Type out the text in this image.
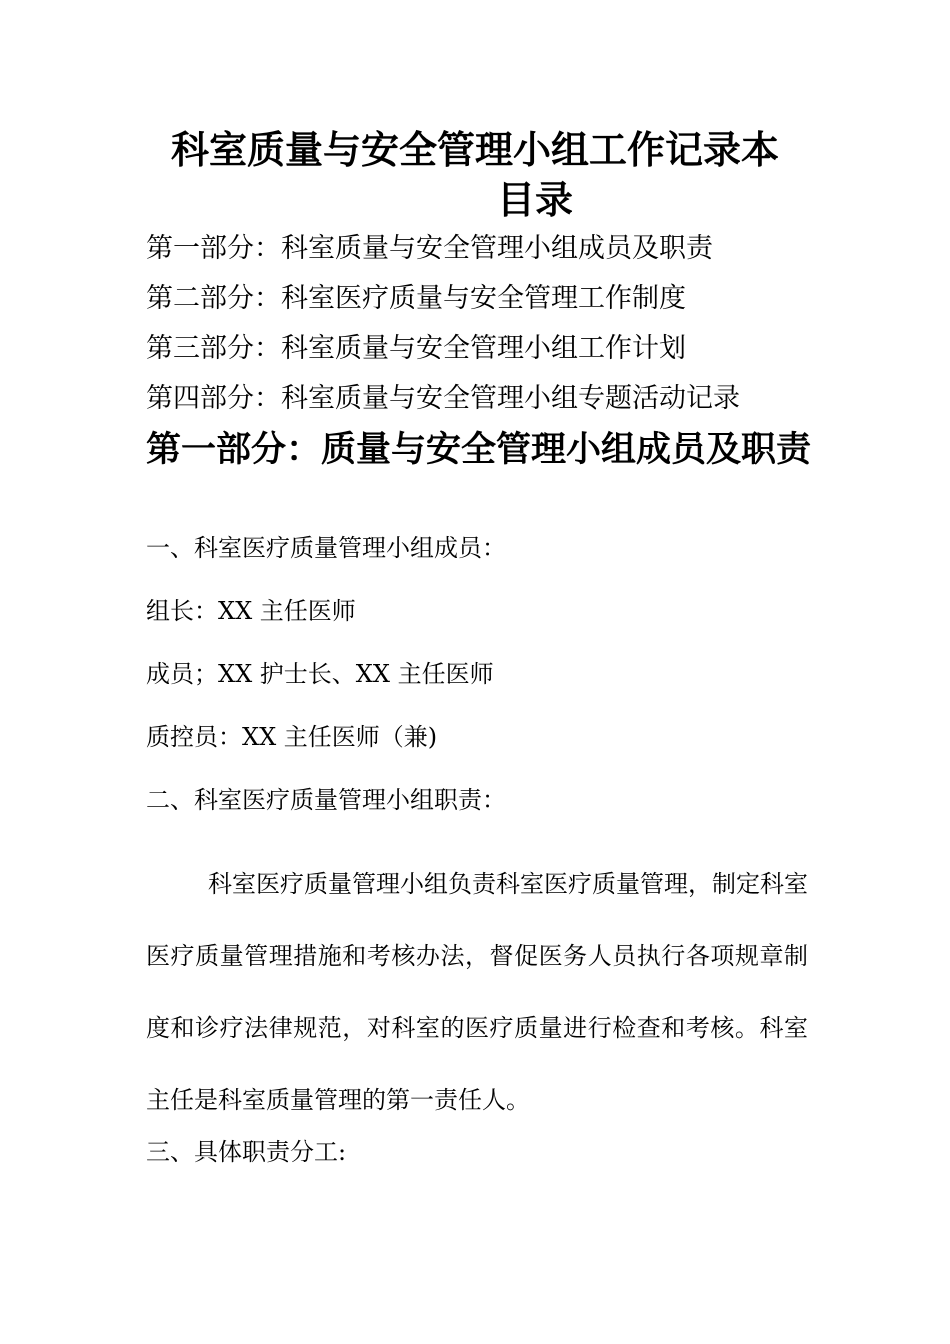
科室质量与安全管理小组工作记录本
目录
第一部分：科室质量与安全管理小组成员及职责
第二部分：科室医疗质量与安全管理工作制度
第三部分：科室质量与安全管理小组工作计划
第四部分：科室质量与安全管理小组专题活动记录
第一部分：质量与安全管理小组成员及职责

一、科室医疗质量管理小组成员：

组长：XX 主任医师

成员；XX 护士长、XX 主任医师

质控员：XX 主任医师（兼)

二、科室医疗质量管理小组职责：

科室医疗质量管理小组负责科室医疗质量管理，制定科室医疗质量管理措施和考核办法，督促医务人员执行各项规章制度和诊疗法律规范，对科室的医疗质量进行检查和考核。科室主任是科室质量管理的第一责任人。

三、具体职责分工:
